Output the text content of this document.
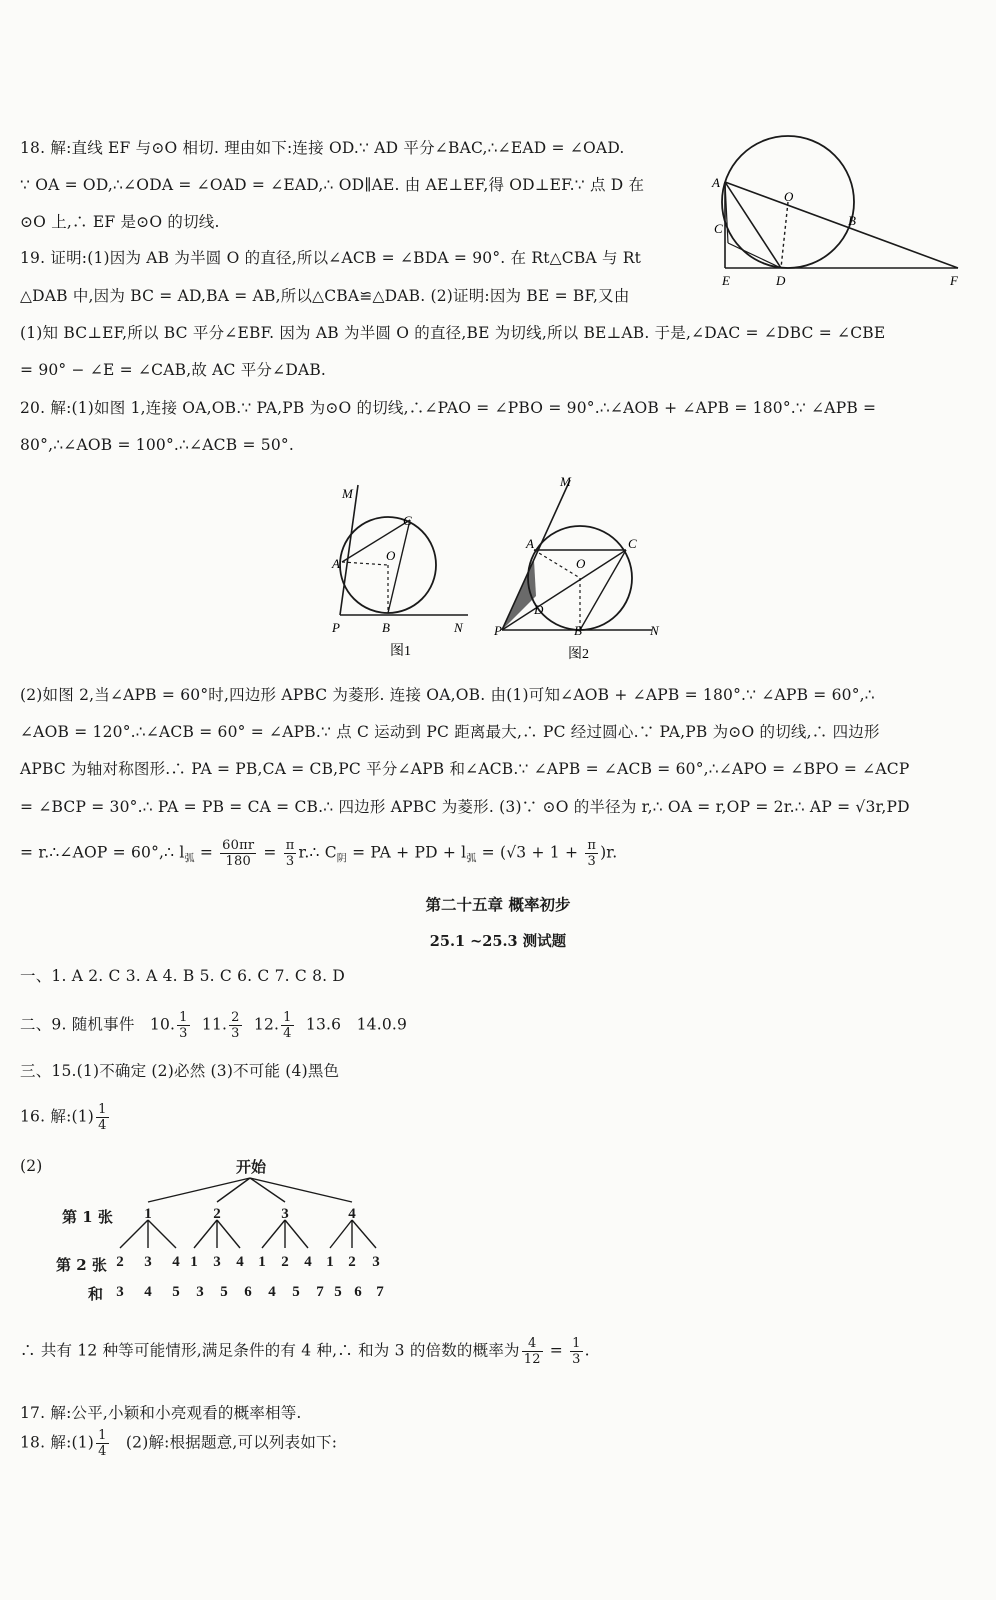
18. 解:直线 EF 与⊙O 相切. 理由如下:连接 OD.∵ AD 平分∠BAC,∴∠EAD = ∠OAD.
∵ OA = OD,∴∠ODA = ∠OAD = ∠EAD,∴ OD∥AE. 由 AE⊥EF,得 OD⊥EF.∵ 点 D 在
⊙O 上,∴ EF 是⊙O 的切线.
A
O
B
C
E	D	F
19. 证明:(1)因为 AB 为半圆 O 的直径,所以∠ACB = ∠BDA = 90°. 在 Rt△CBA 与 Rt
△DAB 中,因为 BC = AD,BA = AB,所以△CBA≌△DAB. (2)证明:因为 BE = BF,又由
(1)知 BC⊥EF,所以 BC 平分∠EBF. 因为 AB 为半圆 O 的直径,BE 为切线,所以 BE⊥AB. 于是,∠DAC = ∠DBC = ∠CBE
= 90° − ∠E = ∠CAB,故 AC 平分∠DAB.
20. 解:(1)如图 1,连接 OA,OB.∵ PA,PB 为⊙O 的切线,∴∠PAO = ∠PBO = 90°.∴∠AOB + ∠APB = 180°.∵ ∠APB =
80°,∴∠AOB = 100°.∴∠ACB = 50°.
M
C
A
O
P	B	N
图1
M
A	C
O
D
P	B	N
图2
(2)如图 2,当∠APB = 60°时,四边形 APBC 为菱形. 连接 OA,OB. 由(1)可知∠AOB + ∠APB = 180°.∵ ∠APB = 60°,∴
∠AOB = 120°.∴∠ACB = 60° = ∠APB.∵ 点 C 运动到 PC 距离最大,∴ PC 经过圆心.∵ PA,PB 为⊙O 的切线,∴ 四边形
APBC 为轴对称图形.∴ PA = PB,CA = CB,PC 平分∠APB 和∠ACB.∵ ∠APB = ∠ACB = 60°,∴∠APO = ∠BPO = ∠ACP
= ∠BCP = 30°.∴ PA = PB = CA = CB.∴ 四边形 APBC 为菱形. (3)∵ ⊙O 的半径为 r,∴ OA = r,OP = 2r.∴ AP = √3r,PD
= r.∴∠AOP = 60°,∴ $l_弧 = \frac{60\pi r}{180} = \frac{\pi}{3}$ r.∴ $C_阴$ = PA + PD + $l_弧 = (√3 + 1 + \frac{\pi}{3} )r$.
第二十五章 概率初步
25.1 ~25.3 测试题
一、1. A 2. C 3. A 4. B 5. C 6. C 7. C 8. D
二、9. 随机事件   10. $\frac{1}{3} 11$. $\frac{2}{3} 12$. $\frac{1}{4} 13.6$   14.0.9
三、15.(1)不确定 (2)必然 (3)不可能 (4)黑色
16. 解:(1) $\frac{1}{4}$
(2)	开始
第 1 张
第 2 张
和
1	2	3	4
2 3 4 1 3 4 1 2 4 1 2 3
3 4 5 3 5 6 4 5 7 5 6 7
∴ 共有 12 种等可能情形,满足条件的有 4 种,∴ 和为 3 的倍数的概率为 $\frac{4}{12} = \frac{1}{3}$ .
17. 解:公平,小颖和小亮观看的概率相等.
18. 解:(1) $\frac{1}{4} (2)$解:根据题意,可以列表如下:
